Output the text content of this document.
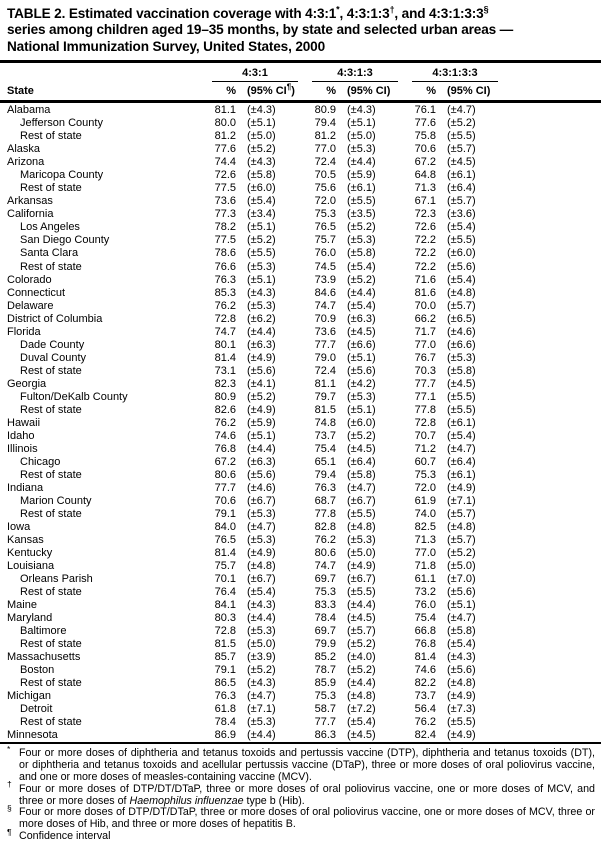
TABLE 2. Estimated vaccination coverage with 4:3:1*, 4:3:1:3†, and 4:3:1:3:3§
series among children aged 19–35 months, by state and selected urban areas —
National Immunization Survey, United States, 2000
4:3:1	4:3:1:3	4:3:1:3:3
State	%	(95% CI¶)	%	(95% CI)	%	(95% CI)
Alabama	81.1	(±4.3)	80.9	(±4.3)	76.1	(±4.7)
Jefferson County	80.0	(±5.1)	79.4	(±5.1)	77.6	(±5.2)
Rest of state	81.2	(±5.0)	81.2	(±5.0)	75.8	(±5.5)
Alaska	77.6	(±5.2)	77.0	(±5.3)	70.6	(±5.7)
Arizona	74.4	(±4.3)	72.4	(±4.4)	67.2	(±4.5)
Maricopa County	72.6	(±5.8)	70.5	(±5.9)	64.8	(±6.1)
Rest of state	77.5	(±6.0)	75.6	(±6.1)	71.3	(±6.4)
Arkansas	73.6	(±5.4)	72.0	(±5.5)	67.1	(±5.7)
California	77.3	(±3.4)	75.3	(±3.5)	72.3	(±3.6)
Los Angeles	78.2	(±5.1)	76.5	(±5.2)	72.6	(±5.4)
San Diego County	77.5	(±5.2)	75.7	(±5.3)	72.2	(±5.5)
Santa Clara	78.6	(±5.5)	76.0	(±5.8)	72.2	(±6.0)
Rest of state	76.6	(±5.3)	74.5	(±5.4)	72.2	(±5.6)
Colorado	76.3	(±5.1)	73.9	(±5.2)	71.6	(±5.4)
Connecticut	85.3	(±4.3)	84.6	(±4.4)	81.6	(±4.8)
Delaware	76.2	(±5.3)	74.7	(±5.4)	70.0	(±5.7)
District of Columbia	72.8	(±6.2)	70.9	(±6.3)	66.2	(±6.5)
Florida	74.7	(±4.4)	73.6	(±4.5)	71.7	(±4.6)
Dade County	80.1	(±6.3)	77.7	(±6.6)	77.0	(±6.6)
Duval County	81.4	(±4.9)	79.0	(±5.1)	76.7	(±5.3)
Rest of state	73.1	(±5.6)	72.4	(±5.6)	70.3	(±5.8)
Georgia	82.3	(±4.1)	81.1	(±4.2)	77.7	(±4.5)
Fulton/DeKalb County	80.9	(±5.2)	79.7	(±5.3)	77.1	(±5.5)
Rest of state	82.6	(±4.9)	81.5	(±5.1)	77.8	(±5.5)
Hawaii	76.2	(±5.9)	74.8	(±6.0)	72.8	(±6.1)
Idaho	74.6	(±5.1)	73.7	(±5.2)	70.7	(±5.4)
Illinois	76.8	(±4.4)	75.4	(±4.5)	71.2	(±4.7)
Chicago	67.2	(±6.3)	65.1	(±6.4)	60.7	(±6.4)
Rest of state	80.6	(±5.6)	79.4	(±5.8)	75.3	(±6.1)
Indiana	77.7	(±4.6)	76.3	(±4.7)	72.0	(±4.9)
Marion County	70.6	(±6.7)	68.7	(±6.7)	61.9	(±7.1)
Rest of state	79.1	(±5.3)	77.8	(±5.5)	74.0	(±5.7)
Iowa	84.0	(±4.7)	82.8	(±4.8)	82.5	(±4.8)
Kansas	76.5	(±5.3)	76.2	(±5.3)	71.3	(±5.7)
Kentucky	81.4	(±4.9)	80.6	(±5.0)	77.0	(±5.2)
Louisiana	75.7	(±4.8)	74.7	(±4.9)	71.8	(±5.0)
Orleans Parish	70.1	(±6.7)	69.7	(±6.7)	61.1	(±7.0)
Rest of state	76.4	(±5.4)	75.3	(±5.5)	73.2	(±5.6)
Maine	84.1	(±4.3)	83.3	(±4.4)	76.0	(±5.1)
Maryland	80.3	(±4.4)	78.4	(±4.5)	75.4	(±4.7)
Baltimore	72.8	(±5.3)	69.7	(±5.7)	66.8	(±5.8)
Rest of state	81.5	(±5.0)	79.9	(±5.2)	76.8	(±5.4)
Massachusetts	85.7	(±3.9)	85.2	(±4.0)	81.4	(±4.3)
Boston	79.1	(±5.2)	78.7	(±5.2)	74.6	(±5.6)
Rest of state	86.5	(±4.3)	85.9	(±4.4)	82.2	(±4.8)
Michigan	76.3	(±4.7)	75.3	(±4.8)	73.7	(±4.9)
Detroit	61.8	(±7.1)	58.7	(±7.2)	56.4	(±7.3)
Rest of state	78.4	(±5.3)	77.7	(±5.4)	76.2	(±5.5)
Minnesota	86.9	(±4.4)	86.3	(±4.5)	82.4	(±4.9)
* Four or more doses of diphtheria and tetanus toxoids and pertussis vaccine (DTP), diphtheria and tetanus toxoids (DT), or diphtheria and tetanus toxoids and acellular pertussis vaccine (DTaP), three or more doses of oral poliovirus vaccine, and one or more doses of measles-containing vaccine (MCV).
† Four or more doses of DTP/DT/DTaP, three or more doses of oral poliovirus vaccine, one or more doses of MCV, and three or more doses of Haemophilus influenzae type b (Hib).
§ Four or more doses of DTP/DT/DTaP, three or more doses of oral poliovirus vaccine, one or more doses of MCV, three or more doses of Hib, and three or more doses of hepatitis B.
¶ Confidence interval
